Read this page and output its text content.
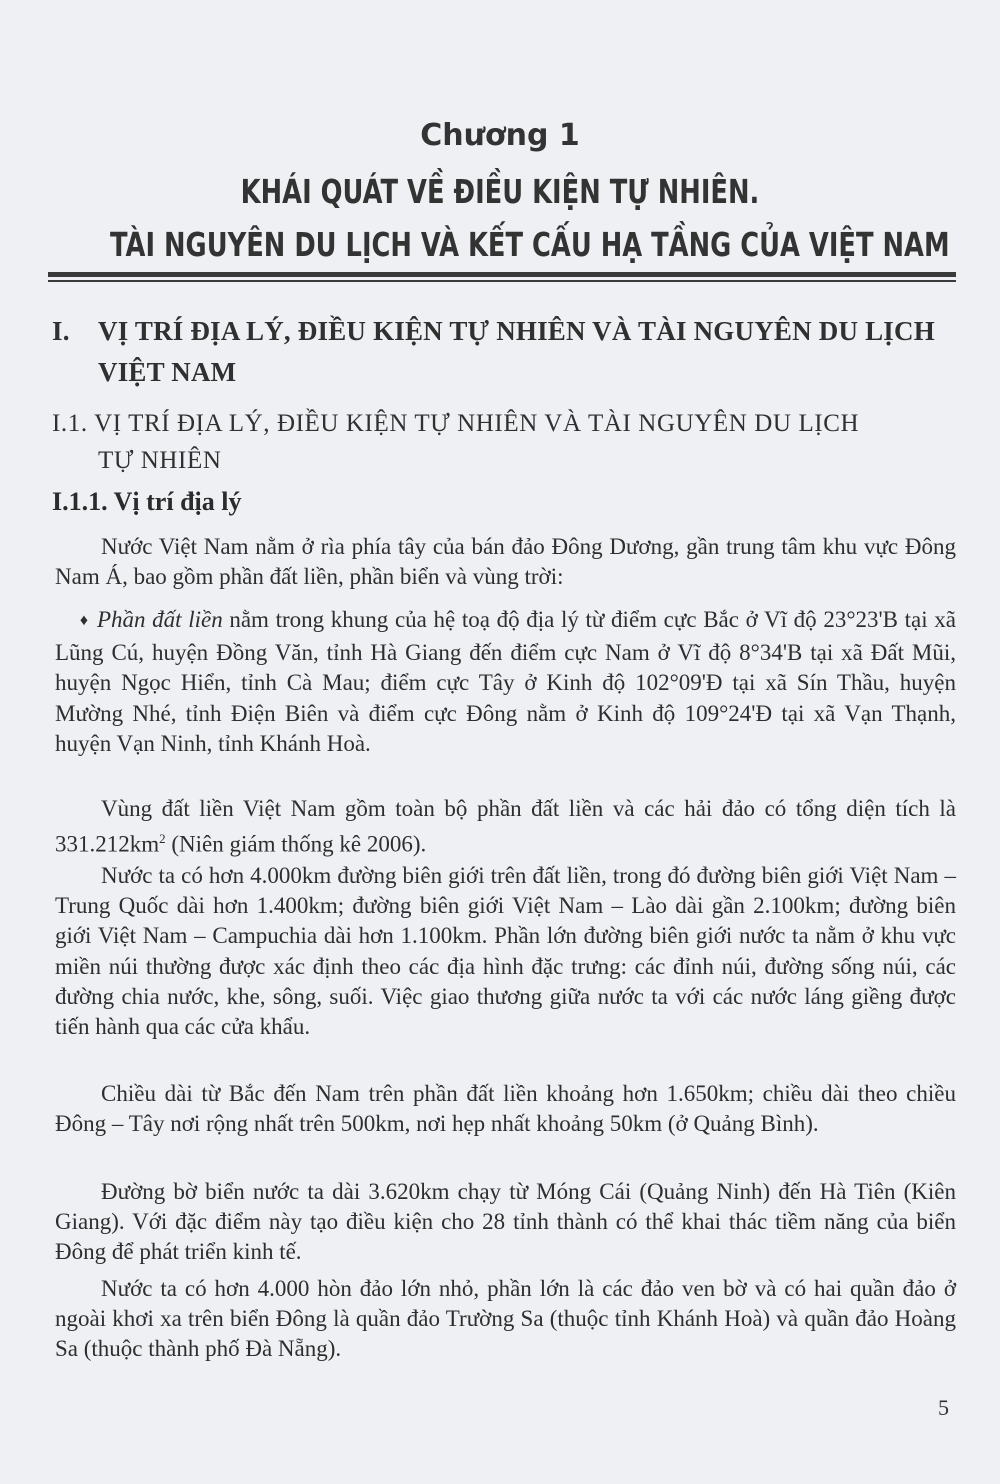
Chương 1
KHÁI QUÁT VỀ ĐIỀU KIỆN TỰ NHIÊN.
TÀI NGUYÊN DU LỊCH VÀ KẾT CẤU HẠ TẦNG CỦA VIỆT NAM
I. VỊ TRÍ ĐỊA LÝ, ĐIỀU KIỆN TỰ NHIÊN VÀ TÀI NGUYÊN DU LỊCH
VIỆT NAM
I.1. VỊ TRÍ ĐỊA LÝ, ĐIỀU KIỆN TỰ NHIÊN VÀ TÀI NGUYÊN DU LỊCH
TỰ NHIÊN
I.1.1. Vị trí địa lý
Nước Việt Nam nằm ở rìa phía tây của bán đảo Đông Dương, gần trung tâm khu vực Đông Nam Á, bao gồm phần đất liền, phần biển và vùng trời:
♦ Phần đất liền nằm trong khung của hệ toạ độ địa lý từ điểm cực Bắc ở Vĩ độ 23°23'B tại xã Lũng Cú, huyện Đồng Văn, tỉnh Hà Giang đến điểm cực Nam ở Vĩ độ 8°34'B tại xã Đất Mũi, huyện Ngọc Hiển, tỉnh Cà Mau; điểm cực Tây ở Kinh độ 102°09'Đ tại xã Sín Thầu, huyện Mường Nhé, tỉnh Điện Biên và điểm cực Đông nằm ở Kinh độ 109°24'Đ tại xã Vạn Thạnh, huyện Vạn Ninh, tỉnh Khánh Hoà.
Vùng đất liền Việt Nam gồm toàn bộ phần đất liền và các hải đảo có tổng diện tích là $331.212km^2$ (Niên giám thống kê 2006).
Nước ta có hơn 4.000km đường biên giới trên đất liền, trong đó đường biên giới Việt Nam – Trung Quốc dài hơn 1.400km; đường biên giới Việt Nam – Lào dài gần 2.100km; đường biên giới Việt Nam – Campuchia dài hơn 1.100km. Phần lớn đường biên giới nước ta nằm ở khu vực miền núi thường được xác định theo các địa hình đặc trưng: các đỉnh núi, đường sống núi, các đường chia nước, khe, sông, suối. Việc giao thương giữa nước ta với các nước láng giềng được tiến hành qua các cửa khẩu.
Chiều dài từ Bắc đến Nam trên phần đất liền khoảng hơn 1.650km; chiều dài theo chiều Đông – Tây nơi rộng nhất trên 500km, nơi hẹp nhất khoảng 50km (ở Quảng Bình).
Đường bờ biển nước ta dài 3.620km chạy từ Móng Cái (Quảng Ninh) đến Hà Tiên (Kiên Giang). Với đặc điểm này tạo điều kiện cho 28 tỉnh thành có thể khai thác tiềm năng của biển Đông để phát triển kinh tế.
Nước ta có hơn 4.000 hòn đảo lớn nhỏ, phần lớn là các đảo ven bờ và có hai quần đảo ở ngoài khơi xa trên biển Đông là quần đảo Trường Sa (thuộc tỉnh Khánh Hoà) và quần đảo Hoàng Sa (thuộc thành phố Đà Nẵng).
5
